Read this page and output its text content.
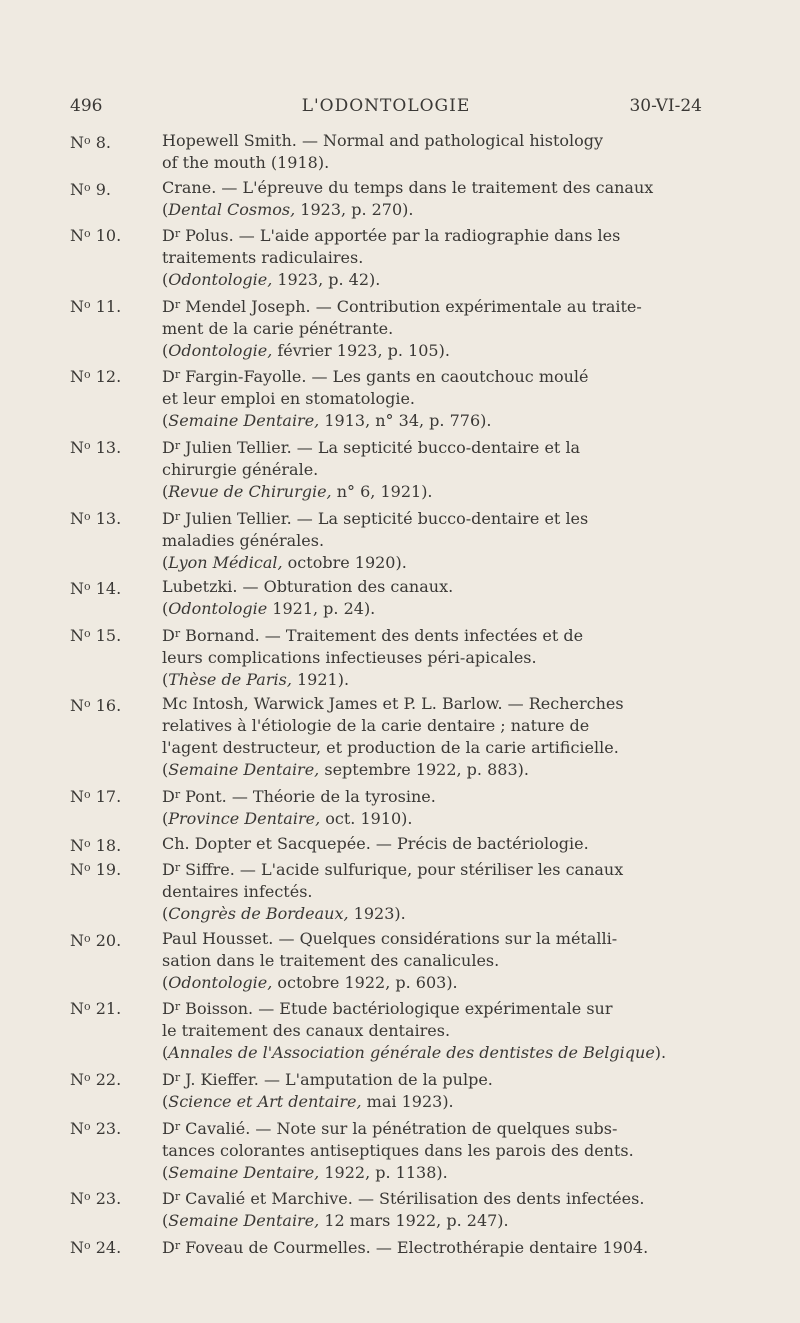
496	L'ODONTOLOGIE	30-VI-24
$N^o$ 8.	Hopewell Smith. — Normal and pathological histology
of the mouth (1918).
$N^o$ 9.	Crane. — L'épreuve du temps dans le traitement des canaux
(Dental Cosmos, 1923, p. 270).
$N^o$ 10.	$D^r$ Polus. — L'aide apportée par la radiographie dans les
traitements radiculaires.
(Odontologie, 1923, p. 42).
$N^o$ 11.	$D^r$ Mendel Joseph. — Contribution expérimentale au traite-
ment de la carie pénétrante.
(Odontologie, février 1923, p. 105).
$N^o$ 12.	$D^r$ Fargin-Fayolle. — Les gants en caoutchouc moulé
et leur emploi en stomatologie.
(Semaine Dentaire, 1913, n° 34, p. 776).
$N^o$ 13.	$D^r$ Julien Tellier. — La septicité bucco-dentaire et la
chirurgie générale.
(Revue de Chirurgie, n° 6, 1921).
$N^o$ 13.	$D^r$ Julien Tellier. — La septicité bucco-dentaire et les
maladies générales.
(Lyon Médical, octobre 1920).
$N^o$ 14.	Lubetzki. — Obturation des canaux.
(Odontologie 1921, p. 24).
$N^o$ 15.	$D^r$ Bornand. — Traitement des dents infectées et de
leurs complications infectieuses péri-apicales.
(Thèse de Paris, 1921).
$N^o$ 16.	Mc Intosh, Warwick James et P. L. Barlow. — Recherches
relatives à l'étiologie de la carie dentaire ; nature de
l'agent destructeur, et production de la carie artificielle.
(Semaine Dentaire, septembre 1922, p. 883).
$N^o$ 17.	$D^r$ Pont. — Théorie de la tyrosine.
(Province Dentaire, oct. 1910).
$N^o$ 18.	Ch. Dopter et Sacquepée. — Précis de bactériologie.
$N^o$ 19.	$D^r$ Siffre. — L'acide sulfurique, pour stériliser les canaux
dentaires infectés.
(Congrès de Bordeaux, 1923).
$N^o$ 20.	Paul Housset. — Quelques considérations sur la métalli-
sation dans le traitement des canalicules.
(Odontologie, octobre 1922, p. 603).
$N^o$ 21.	$D^r$ Boisson. — Etude bactériologique expérimentale sur
le traitement des canaux dentaires.
(Annales de l'Association générale des dentistes de Belgique).
$N^o$ 22.	$D^r$ J. Kieffer. — L'amputation de la pulpe.
(Science et Art dentaire, mai 1923).
$N^o$ 23.	$D^r$ Cavalié. — Note sur la pénétration de quelques subs-
tances colorantes antiseptiques dans les parois des dents.
(Semaine Dentaire, 1922, p. 1138).
$N^o$ 23.	$D^r$ Cavalié et Marchive. — Stérilisation des dents infectées.
(Semaine Dentaire, 12 mars 1922, p. 247).
$N^o$ 24.	$D^r$ Foveau de Courmelles. — Electrothérapie dentaire 1904.
